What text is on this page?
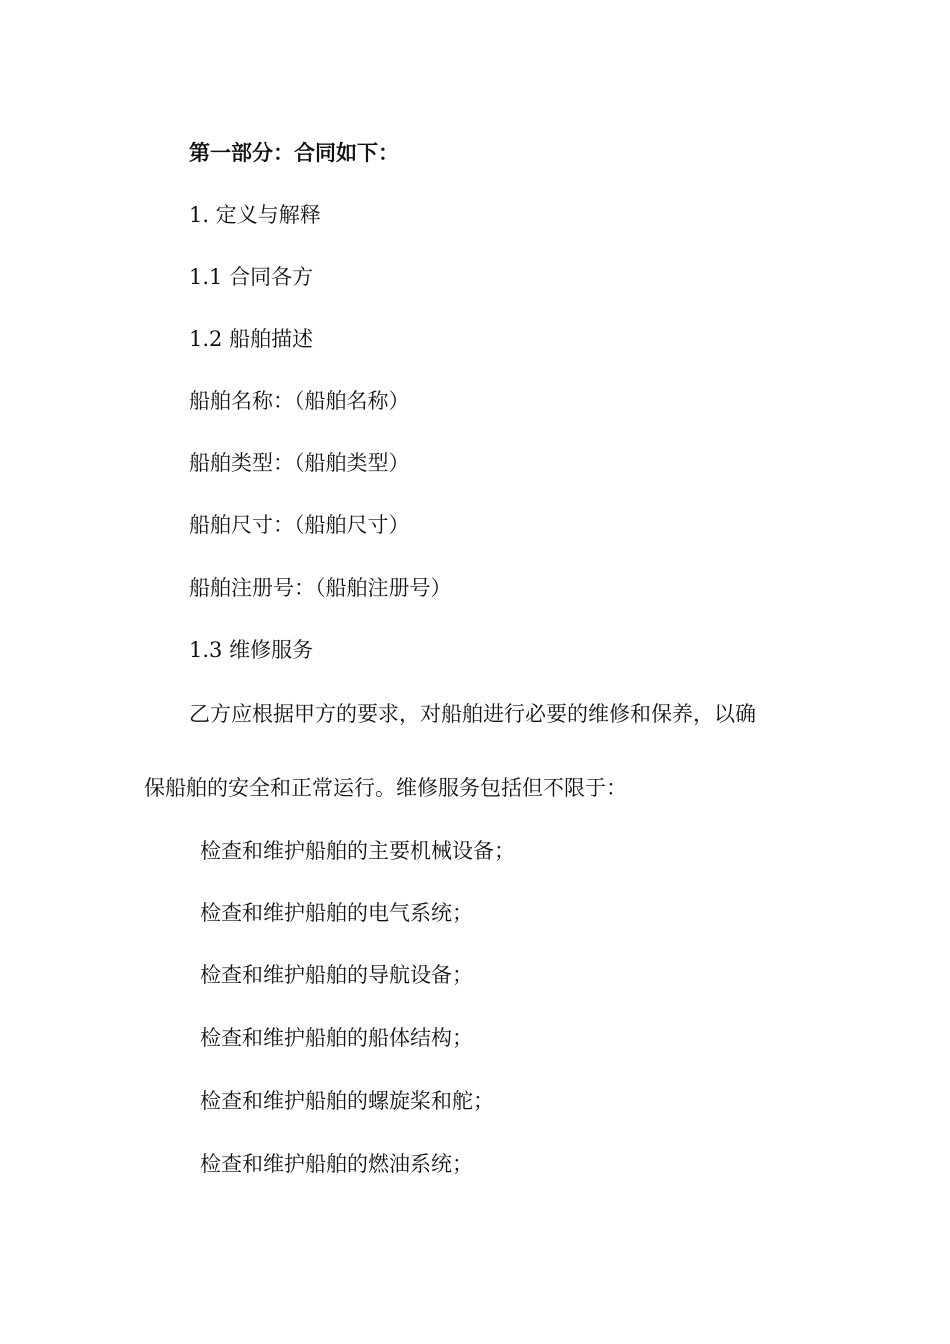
第一部分：合同如下：
1. 定义与解释
1.1 合同各方
1.2 船舶描述
船舶名称：（船舶名称）
船舶类型：（船舶类型）
船舶尺寸：（船舶尺寸）
船舶注册号：（船舶注册号）
1.3 维修服务
乙方应根据甲方的要求，对船舶进行必要的维修和保养，以确
保船舶的安全和正常运行。维修服务包括但不限于：
检查和维护船舶的主要机械设备；
检查和维护船舶的电气系统；
检查和维护船舶的导航设备；
检查和维护船舶的船体结构；
检查和维护船舶的螺旋桨和舵；
检查和维护船舶的燃油系统；
